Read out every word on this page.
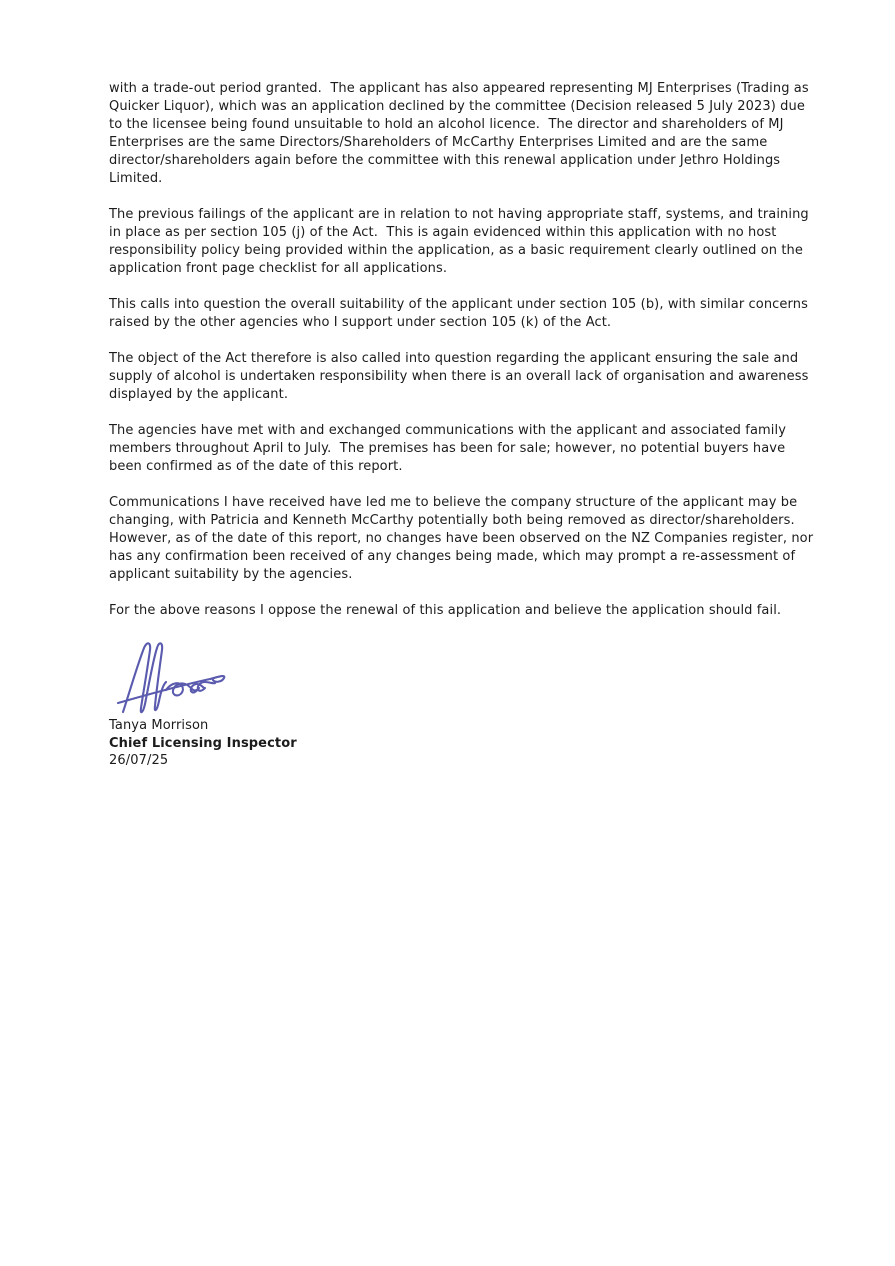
with a trade-out period granted.  The applicant has also appeared representing MJ Enterprises (Trading as Quicker Liquor), which was an application declined by the committee (Decision released 5 July 2023) due to the licensee being found unsuitable to hold an alcohol licence.  The director and shareholders of MJ Enterprises are the same Directors/Shareholders of McCarthy Enterprises Limited and are the same director/shareholders again before the committee with this renewal application under Jethro Holdings Limited.

The previous failings of the applicant are in relation to not having appropriate staff, systems, and training in place as per section 105 (j) of the Act.  This is again evidenced within this application with no host responsibility policy being provided within the application, as a basic requirement clearly outlined on the application front page checklist for all applications.

This calls into question the overall suitability of the applicant under section 105 (b), with similar concerns raised by the other agencies who I support under section 105 (k) of the Act.

The object of the Act therefore is also called into question regarding the applicant ensuring the sale and supply of alcohol is undertaken responsibility when there is an overall lack of organisation and awareness displayed by the applicant.

The agencies have met with and exchanged communications with the applicant and associated family members throughout April to July.  The premises has been for sale; however, no potential buyers have been confirmed as of the date of this report.

Communications I have received have led me to believe the company structure of the applicant may be changing, with Patricia and Kenneth McCarthy potentially both being removed as director/shareholders.  However, as of the date of this report, no changes have been observed on the NZ Companies register, nor has any confirmation been received of any changes being made, which may prompt a re-assessment of applicant suitability by the agencies.

For the above reasons I oppose the renewal of this application and believe the application should fail.

Tanya Morrison
Chief Licensing Inspector
26/07/25
